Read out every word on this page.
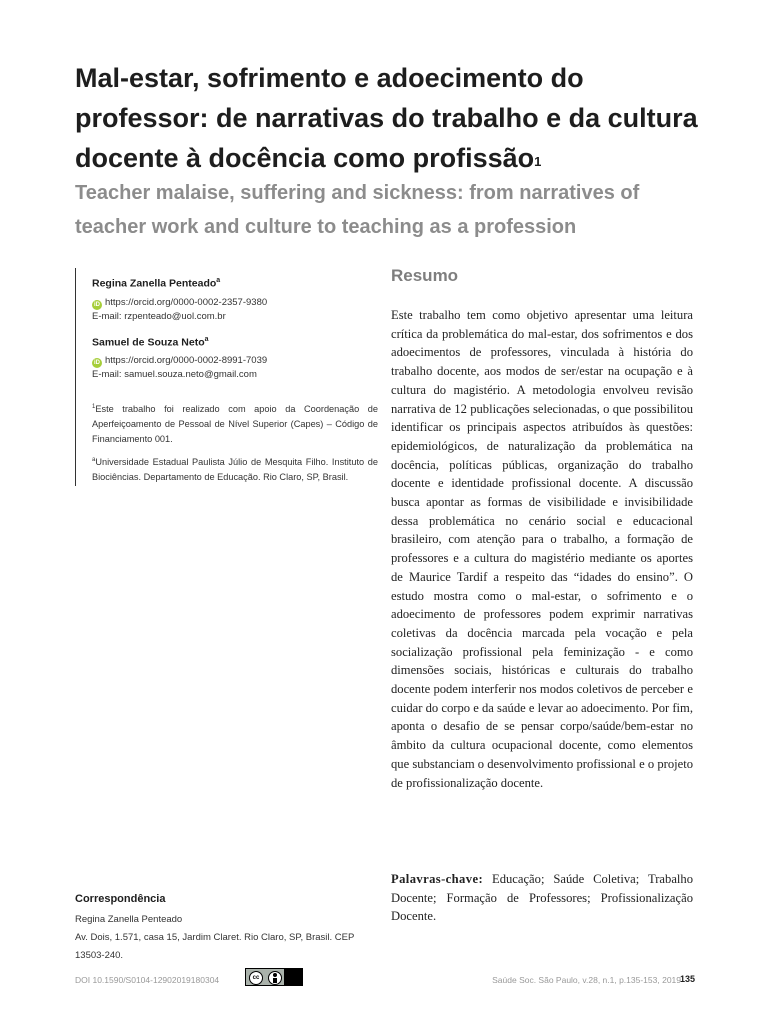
Mal-estar, sofrimento e adoecimento do professor: de narrativas do trabalho e da cultura docente à docência como profissão$^1$
Teacher malaise, suffering and sickness: from narratives of teacher work and culture to teaching as a profession
Regina Zanella Penteado$^a$
iD https://orcid.org/0000-0002-2357-9380
E-mail: rzpenteado@uol.com.br
Samuel de Souza Neto$^a$
iD https://orcid.org/0000-0002-8991-7039
E-mail: samuel.souza.neto@gmail.com

$^1$Este trabalho foi realizado com apoio da Coordenação de Aperfeiçoamento de Pessoal de Nível Superior (Capes) – Código de Financiamento 001.

$^a$Universidade Estadual Paulista Júlio de Mesquita Filho. Instituto de Biociências. Departamento de Educação. Rio Claro, SP, Brasil.

Resumo

Este trabalho tem como objetivo apresentar uma leitura crítica da problemática do mal-estar, dos sofrimentos e dos adoecimentos de professores, vinculada à história do trabalho docente, aos modos de ser/estar na ocupação e à cultura do magistério. A metodologia envolveu revisão narrativa de 12 publicações selecionadas, o que possibilitou identificar os principais aspectos atribuídos às questões: epidemiológicos, de naturalização da problemática na docência, políticas públicas, organização do trabalho docente e identidade profissional docente. A discussão busca apontar as formas de visibilidade e invisibilidade dessa problemática no cenário social e educacional brasileiro, com atenção para o trabalho, a formação de professores e a cultura do magistério mediante os aportes de Maurice Tardif a respeito das “idades do ensino”. O estudo mostra como o mal-estar, o sofrimento e o adoecimento de professores podem exprimir narrativas coletivas da docência marcada pela vocação e pela socialização profissional pela feminização - e como dimensões sociais, históricas e culturais do trabalho docente podem interferir nos modos coletivos de perceber e cuidar do corpo e da saúde e levar ao adoecimento. Por fim, aponta o desafio de se pensar corpo/saúde/bem-estar no âmbito da cultura ocupacional docente, como elementos que substanciam o desenvolvimento profissional e o projeto de profissionalização docente.

Palavras-chave: Educação; Saúde Coletiva; Trabalho Docente; Formação de Professores; Profissionalização Docente.

Correspondência
Regina Zanella Penteado
Av. Dois, 1.571, casa 15, Jardim Claret. Rio Claro, SP, Brasil. CEP 13503-240.
DOI 10.1590/S0104-12902019180304	cc	Saúde Soc. São Paulo, v.28, n.1, p.135-153, 2019
135
